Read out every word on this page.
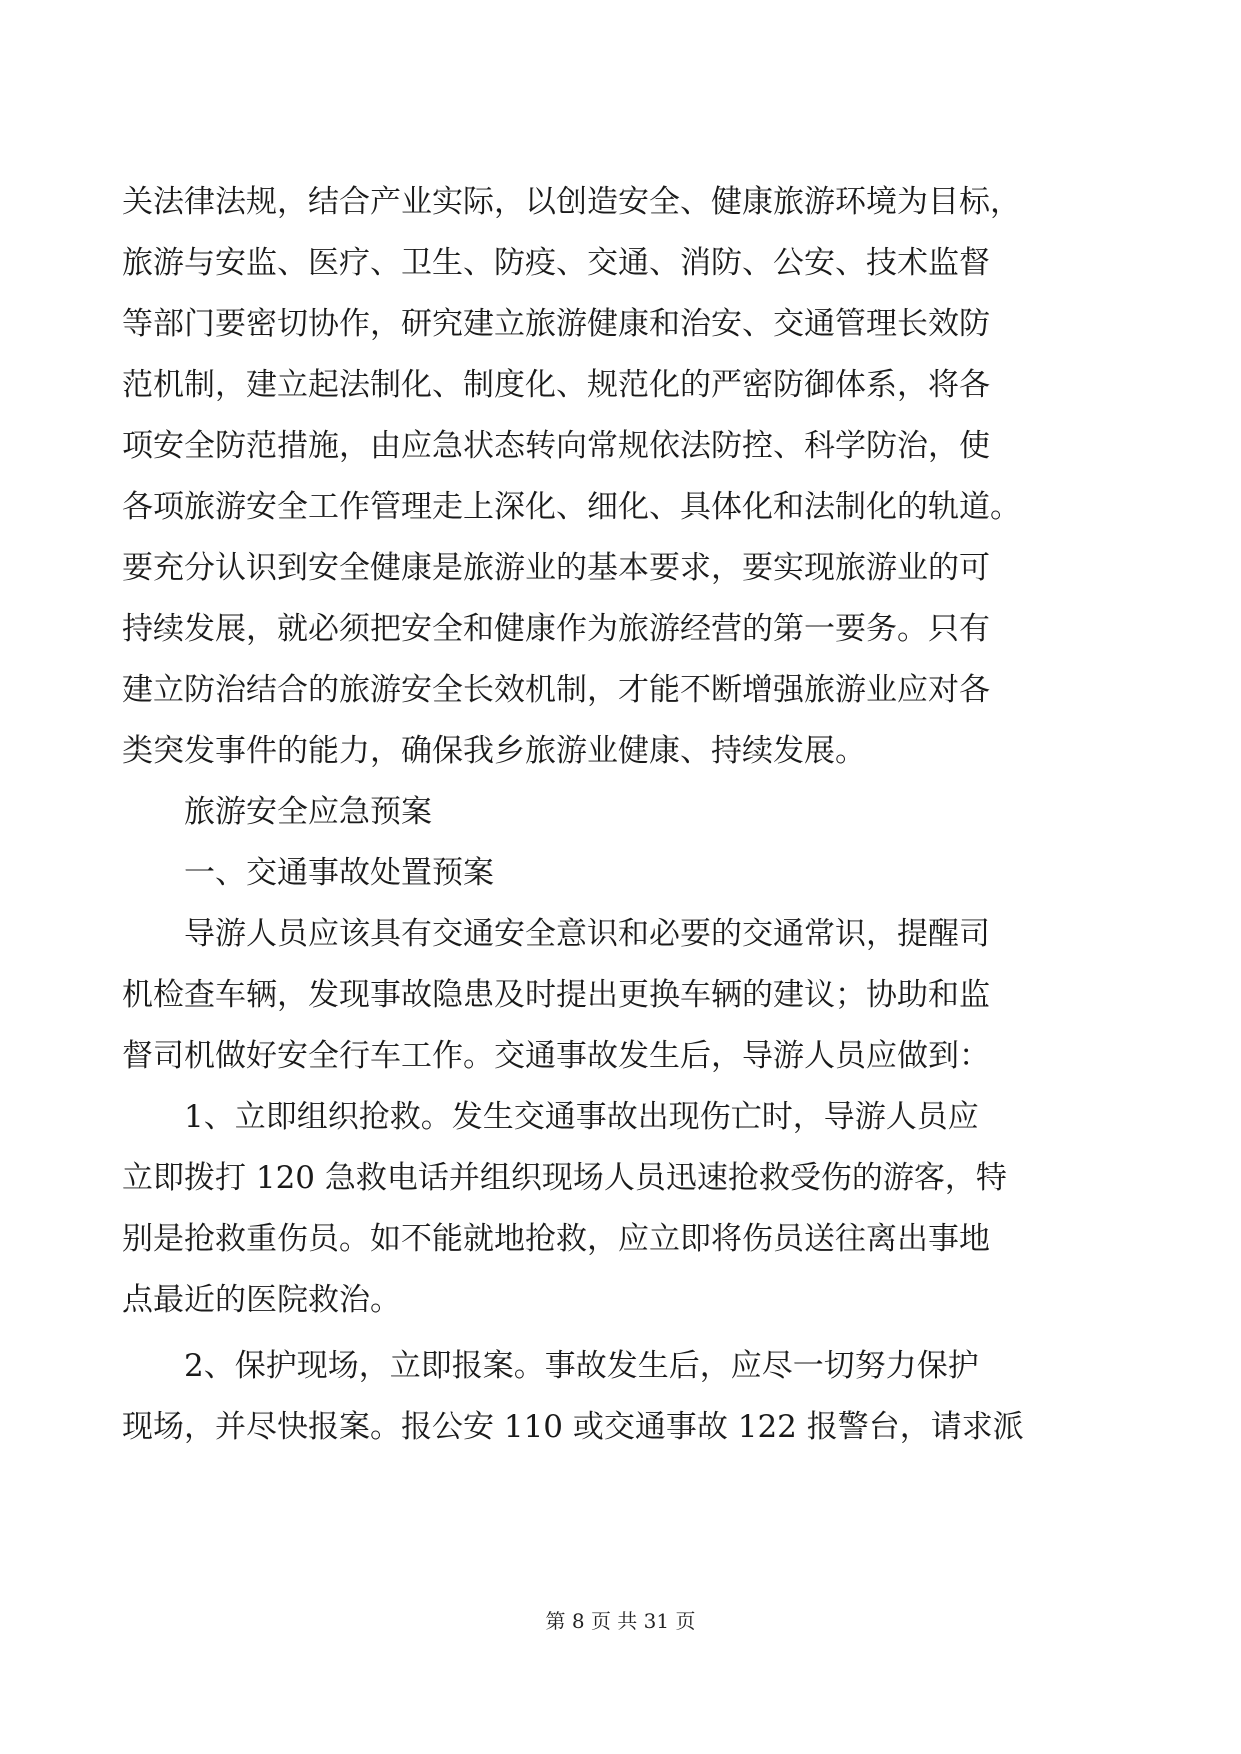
关法律法规，结合产业实际，以创造安全、健康旅游环境为目标，
旅游与安监、医疗、卫生、防疫、交通、消防、公安、技术监督
等部门要密切协作，研究建立旅游健康和治安、交通管理长效防
范机制，建立起法制化、制度化、规范化的严密防御体系，将各
项安全防范措施，由应急状态转向常规依法防控、科学防治，使
各项旅游安全工作管理走上深化、细化、具体化和法制化的轨道。
要充分认识到安全健康是旅游业的基本要求，要实现旅游业的可
持续发展，就必须把安全和健康作为旅游经营的第一要务。只有
建立防治结合的旅游安全长效机制，才能不断增强旅游业应对各
类突发事件的能力，确保我乡旅游业健康、持续发展。
旅游安全应急预案
一、交通事故处置预案
导游人员应该具有交通安全意识和必要的交通常识，提醒司
机检查车辆，发现事故隐患及时提出更换车辆的建议；协助和监
督司机做好安全行车工作。交通事故发生后，导游人员应做到：
1、立即组织抢救。发生交通事故出现伤亡时，导游人员应
立即拨打 120 急救电话并组织现场人员迅速抢救受伤的游客，特
别是抢救重伤员。如不能就地抢救，应立即将伤员送往离出事地
点最近的医院救治。
2、保护现场，立即报案。事故发生后，应尽一切努力保护
现场，并尽快报案。报公安 110 或交通事故 122 报警台，请求派
第 8 页 共 31 页
